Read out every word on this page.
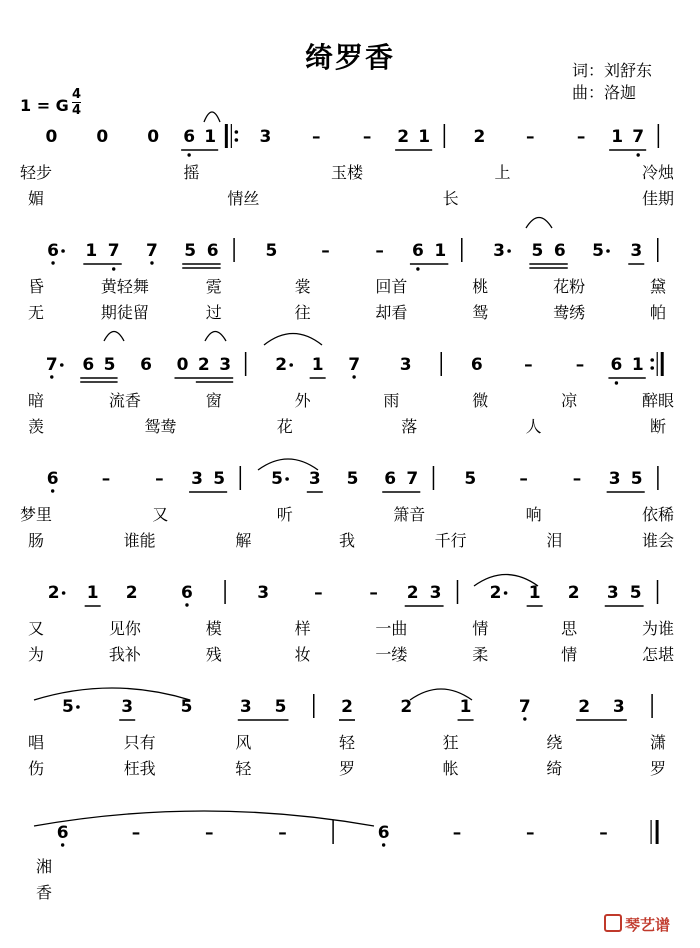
绮罗香	词：刘舒东
曲：洛迦
1 = G
4
4
0 0 0 6 1	3 – – 2 1	2 – – 1 7
轻步	摇	玉楼	上	冷烛
媚	情丝	长	佳期
6 1 7 7 5 6	5	–	– 6 1	3 5 6 5 3
昏	黄轻舞	霓	裳	回首	桃	花粉	黛
无	期徒留	过	往	却看	鸳	鸯绣	帕
7 6 5 6 0 2 3	2 1 7 3	6 –	– 6 1
暗	流香	窗	外	雨	微	凉	醉眼
羡	鸳鸯	花	落	人	断
6	–	– 3 5	5 3 5 6 7	5	–	– 3 5
梦里	又	听	箫音	响	依稀
肠	谁能	解	我	千行	泪	谁会
2 1 2	6	3	–	– 2 3	2 1 2 3 5
又	见你	模	样	一曲	情	思	为谁
为	我补	残	妆	一缕	柔	情	怎堪
5	3	5	3 5	2	2	1	7	2 3
唱	只有	风	轻	狂	绕	潇
伤	枉我	轻	罗	帐	绮	罗
6	–	–	–	6	–	–	–
湘
香
琴艺谱
